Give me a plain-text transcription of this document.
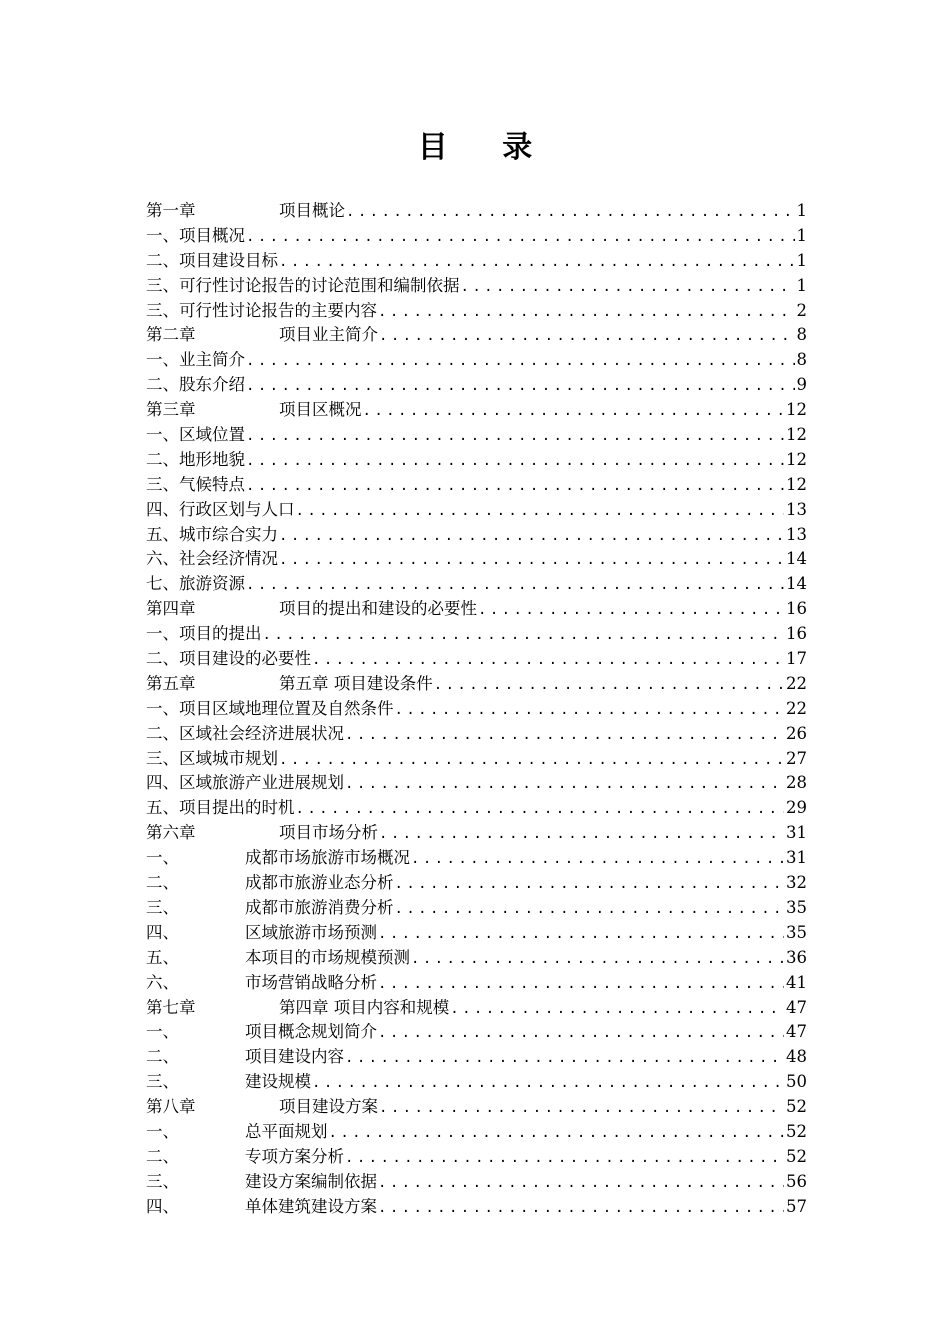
目 录
第一章	项目概论 .....	1
一、项目概况 .....	1
二、项目建设目标 .....	1
三、可行性讨论报告的讨论范围和编制依据 .....	1
三、可行性讨论报告的主要内容 .....	2
第二章	项目业主简介 .....	8
一、业主简介 .....	8
二、股东介绍 .....	9
第三章	项目区概况 .....	12
一、区域位置 .....	12
二、地形地貌 .....	12
三、气候特点 .....	12
四、行政区划与人口 .....	13
五、城市综合实力 .....	13
六、社会经济情况 .....	14
七、旅游资源 .....	14
第四章	项目的提出和建设的必要性 .....	16
一、项目的提出 .....	16
二、项目建设的必要性 .....	17
第五章	第五章 项目建设条件 .....	22
一、项目区域地理位置及自然条件 .....	22
二、区域社会经济进展状况 .....	26
三、区域城市规划 .....	27
四、区域旅游产业进展规划 .....	28
五、项目提出的时机 .....	29
第六章	项目市场分析 .....	31
一、	成都市场旅游市场概况 .....	31
二、	成都市旅游业态分析 .....	32
三、	成都市旅游消费分析 .....	35
四、	区域旅游市场预测 .....	35
五、	本项目的市场规模预测 .....	36
六、	市场营销战略分析 .....	41
第七章	第四章 项目内容和规模 .....	47
一、	项目概念规划简介 .....	47
二、	项目建设内容 .....	48
三、	建设规模 .....	50
第八章	项目建设方案 .....	52
一、	总平面规划 .....	52
二、	专项方案分析 .....	52
三、	建设方案编制依据 .....	56
四、	单体建筑建设方案 .....	57
